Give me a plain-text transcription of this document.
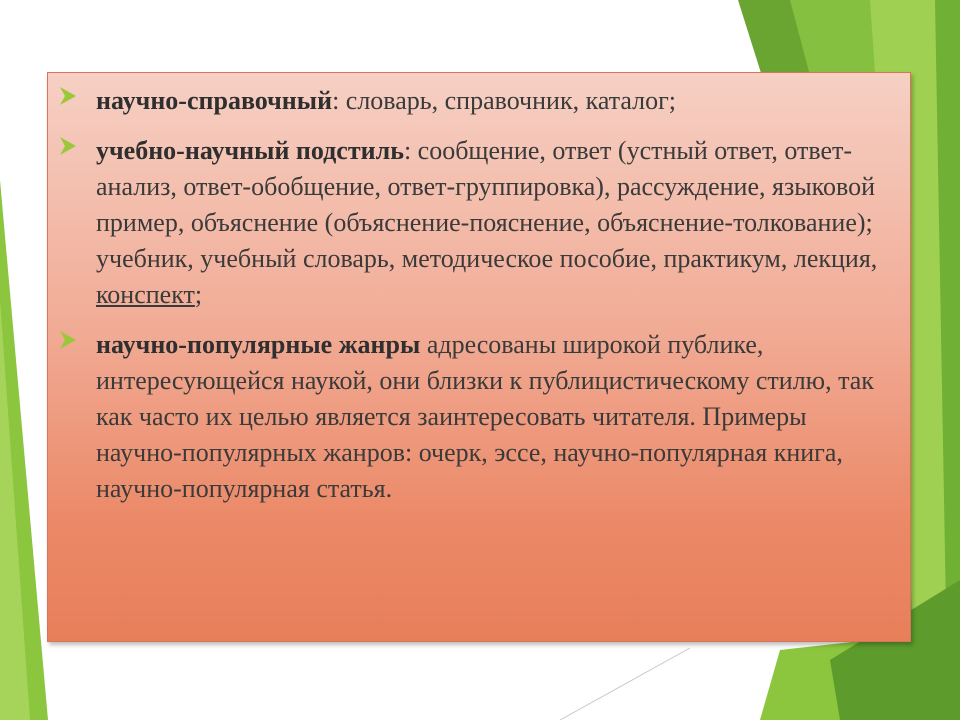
научно-справочный: словарь, справочник, каталог;
учебно-научный подстиль: сообщение, ответ (устный ответ, ответ-анализ, ответ-обобщение, ответ-группировка), рассуждение, языковой пример, объяснение (объяснение-пояснение, объяснение-толкование); учебник, учебный словарь, методическое пособие, практикум, лекция, конспект;
научно-популярные жанры адресованы широкой публике, интересующейся наукой, они близки к публицистическому стилю, так как часто их целью является заинтересовать читателя. Примеры научно-популярных жанров: очерк, эссе, научно-популярная книга, научно-популярная статья.
